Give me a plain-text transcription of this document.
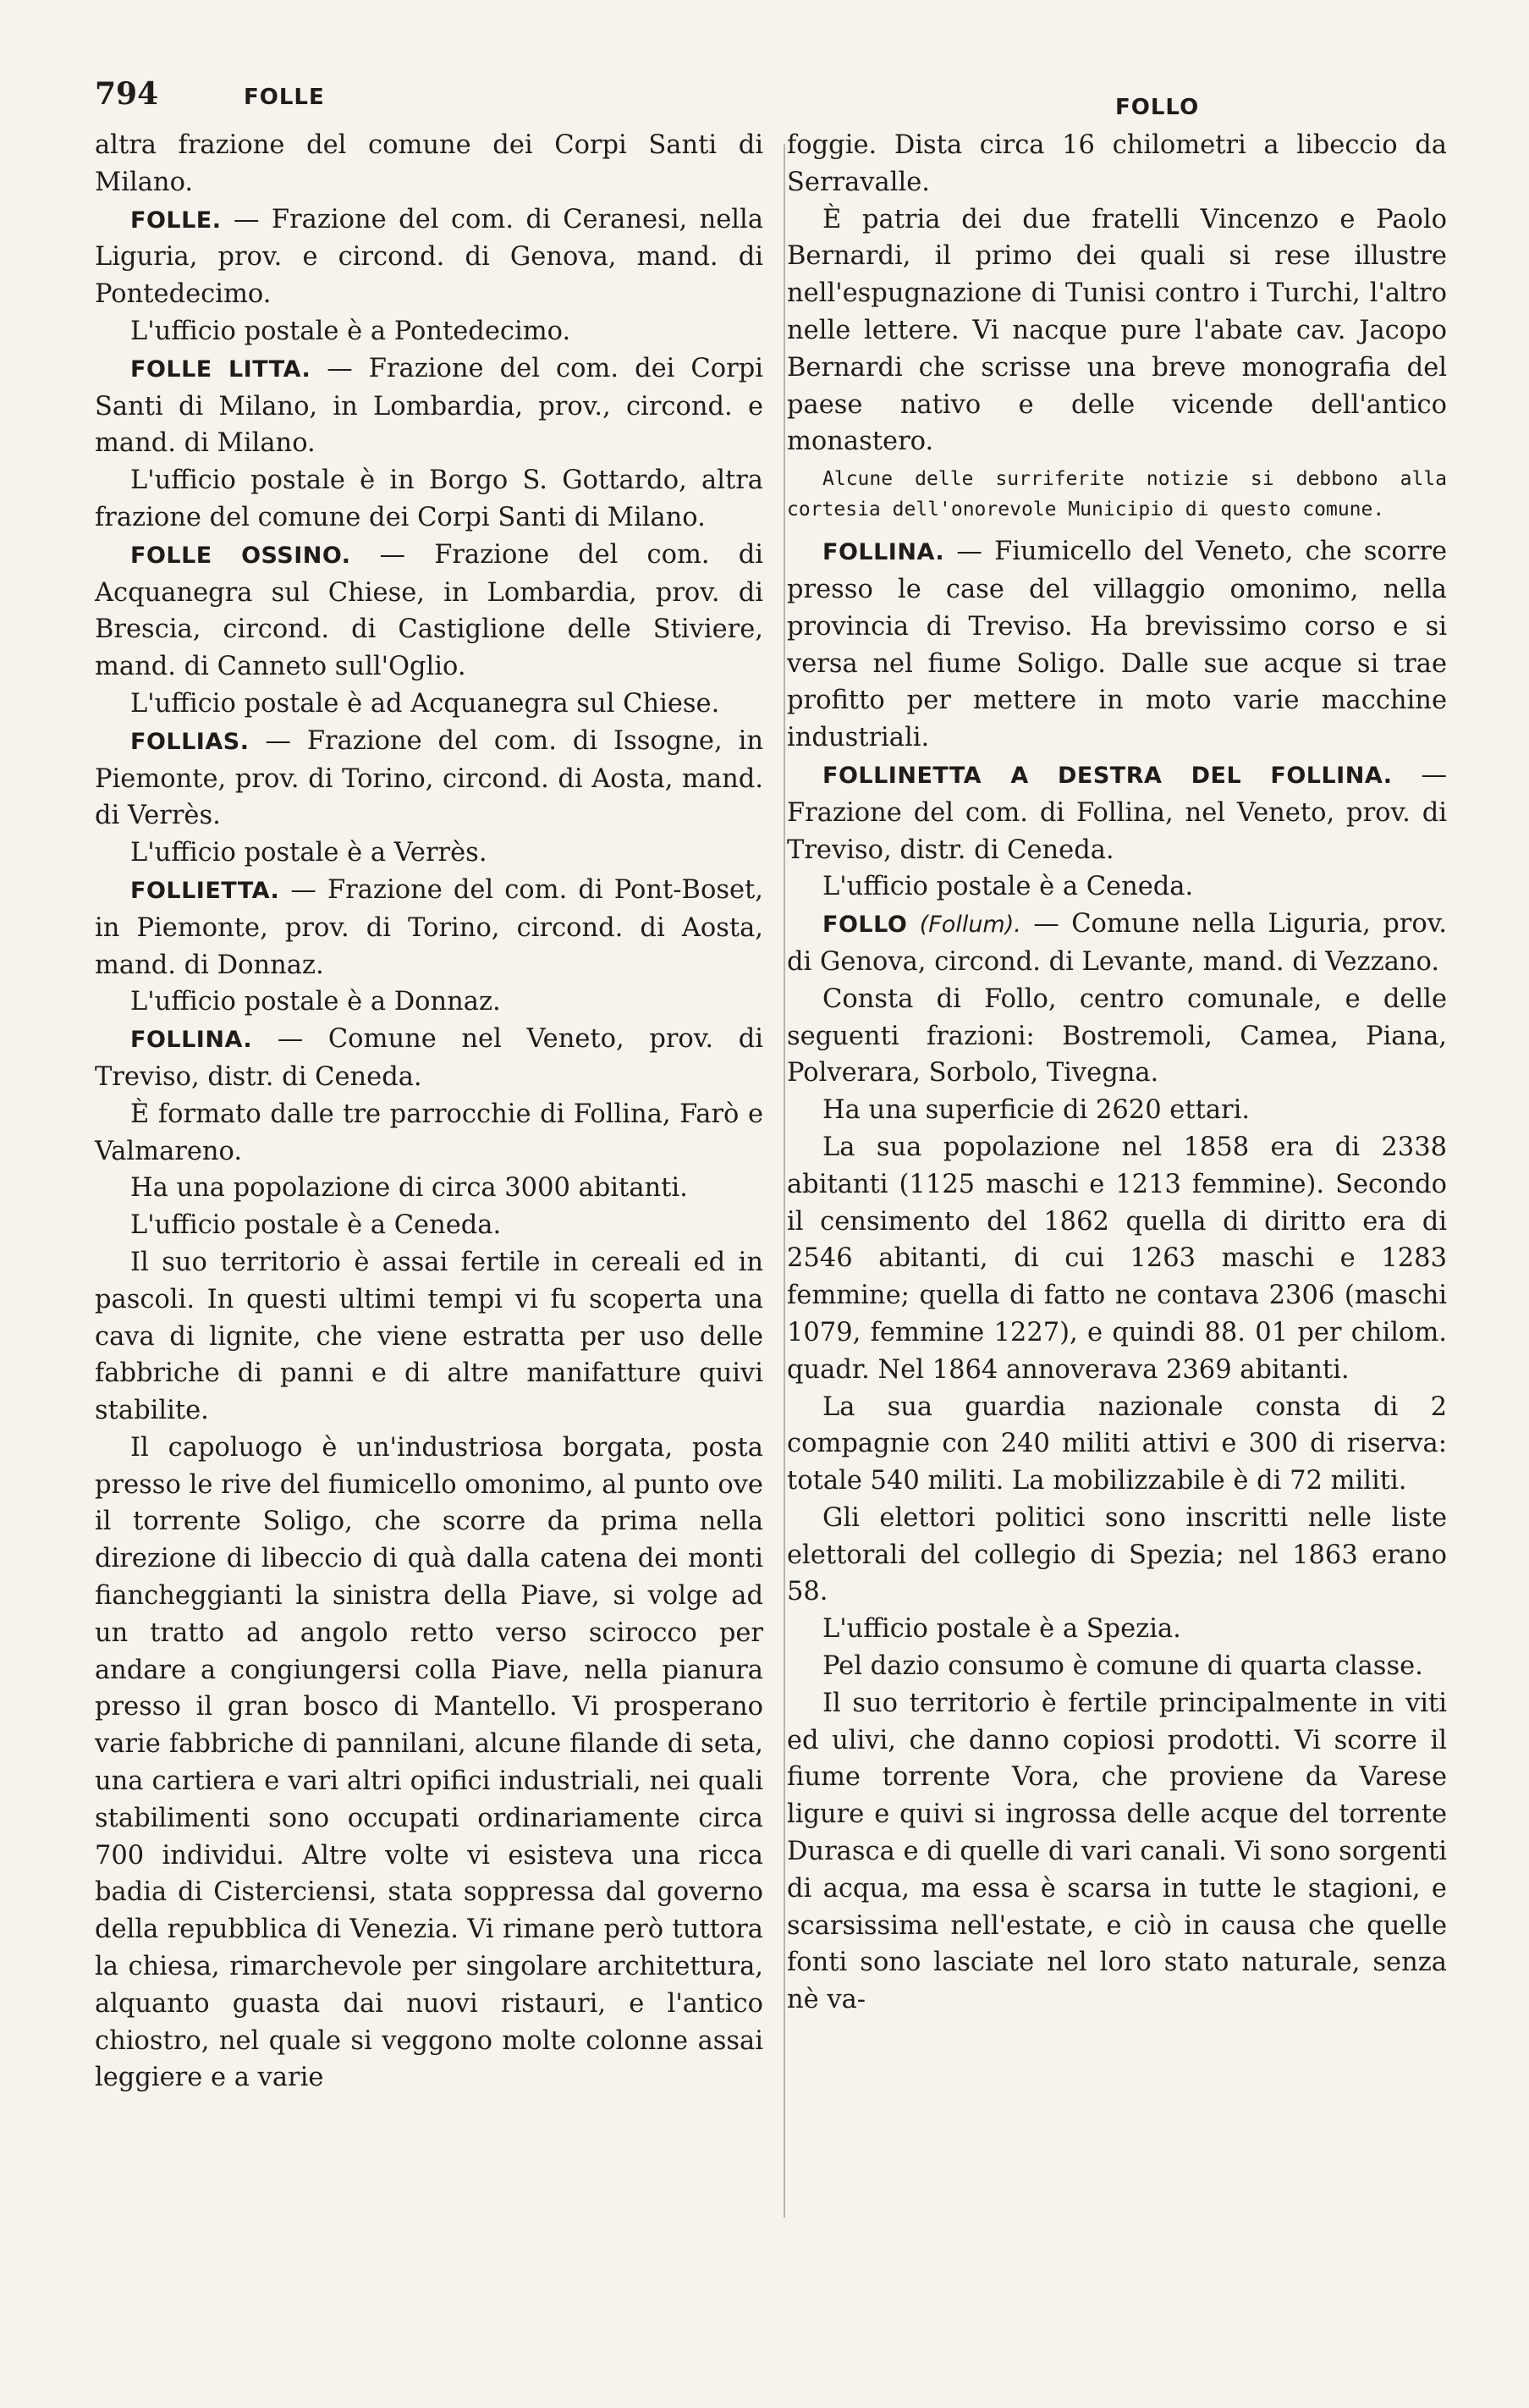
794	FOLLE	FOLLO

altra frazione del comune dei Corpi Santi di Milano.

FOLLE. — Frazione del com. di Ceranesi, nella Liguria, prov. e circond. di Genova, mand. di Pontedecimo.

L'ufficio postale è a Pontedecimo.

FOLLE LITTA. — Frazione del com. dei Corpi Santi di Milano, in Lombardia, prov., circond. e mand. di Milano.

L'ufficio postale è in Borgo S. Gottardo, altra frazione del comune dei Corpi Santi di Milano.

FOLLE OSSINO. — Frazione del com. di Acquanegra sul Chiese, in Lombardia, prov. di Brescia, circond. di Castiglione delle Stiviere, mand. di Canneto sull'Oglio.

L'ufficio postale è ad Acquanegra sul Chiese.

FOLLIAS. — Frazione del com. di Issogne, in Piemonte, prov. di Torino, circond. di Aosta, mand. di Verrès.

L'ufficio postale è a Verrès.

FOLLIETTA. — Frazione del com. di Pont-Boset, in Piemonte, prov. di Torino, circond. di Aosta, mand. di Donnaz.

L'ufficio postale è a Donnaz.

FOLLINA. — Comune nel Veneto, prov. di Treviso, distr. di Ceneda.

È formato dalle tre parrocchie di Follina, Farò e Valmareno.

Ha una popolazione di circa 3000 abitanti.

L'ufficio postale è a Ceneda.

Il suo territorio è assai fertile in cereali ed in pascoli. In questi ultimi tempi vi fu scoperta una cava di lignite, che viene estratta per uso delle fabbriche di panni e di altre manifatture quivi stabilite.

Il capoluogo è un'industriosa borgata, posta presso le rive del fiumicello omonimo, al punto ove il torrente Soligo, che scorre da prima nella direzione di libeccio di quà dalla catena dei monti fiancheggianti la sinistra della Piave, si volge ad un tratto ad angolo retto verso scirocco per andare a congiungersi colla Piave, nella pianura presso il gran bosco di Mantello. Vi prosperano varie fabbriche di pannilani, alcune filande di seta, una cartiera e vari altri opifici industriali, nei quali stabilimenti sono occupati ordinariamente circa 700 individui. Altre volte vi esisteva una ricca badia di Cisterciensi, stata soppressa dal governo della repubblica di Venezia. Vi rimane però tuttora la chiesa, rimarchevole per singolare architettura, alquanto guasta dai nuovi ristauri, e l'antico chiostro, nel quale si veggono molte colonne assai leggiere e a varie

foggie. Dista circa 16 chilometri a libeccio da Serravalle.

È patria dei due fratelli Vincenzo e Paolo Bernardi, il primo dei quali si rese illustre nell'espugnazione di Tunisi contro i Turchi, l'altro nelle lettere. Vi nacque pure l'abate cav. Jacopo Bernardi che scrisse una breve monografia del paese nativo e delle vicende dell'antico monastero.

Alcune delle surriferite notizie si debbono alla cortesia dell'onorevole Municipio di questo comune.

FOLLINA. — Fiumicello del Veneto, che scorre presso le case del villaggio omonimo, nella provincia di Treviso. Ha brevissimo corso e si versa nel fiume Soligo. Dalle sue acque si trae profitto per mettere in moto varie macchine industriali.

FOLLINETTA A DESTRA DEL FOLLINA. — Frazione del com. di Follina, nel Veneto, prov. di Treviso, distr. di Ceneda.

L'ufficio postale è a Ceneda.

FOLLO (Follum). — Comune nella Liguria, prov. di Genova, circond. di Levante, mand. di Vezzano.

Consta di Follo, centro comunale, e delle seguenti frazioni: Bostremoli, Camea, Piana, Polverara, Sorbolo, Tivegna.

Ha una superficie di 2620 ettari.

La sua popolazione nel 1858 era di 2338 abitanti (1125 maschi e 1213 femmine). Secondo il censimento del 1862 quella di diritto era di 2546 abitanti, di cui 1263 maschi e 1283 femmine; quella di fatto ne contava 2306 (maschi 1079, femmine 1227), e quindi 88. 01 per chilom. quadr. Nel 1864 annoverava 2369 abitanti.

La sua guardia nazionale consta di 2 compagnie con 240 militi attivi e 300 di riserva: totale 540 militi. La mobilizzabile è di 72 militi.

Gli elettori politici sono inscritti nelle liste elettorali del collegio di Spezia; nel 1863 erano 58.

L'ufficio postale è a Spezia.

Pel dazio consumo è comune di quarta classe.

Il suo territorio è fertile principalmente in viti ed ulivi, che danno copiosi prodotti. Vi scorre il fiume torrente Vora, che proviene da Varese ligure e quivi si ingrossa delle acque del torrente Durasca e di quelle di vari canali. Vi sono sorgenti di acqua, ma essa è scarsa in tutte le stagioni, e scarsissima nell'estate, e ciò in causa che quelle fonti sono lasciate nel loro stato naturale, senza nè va-
